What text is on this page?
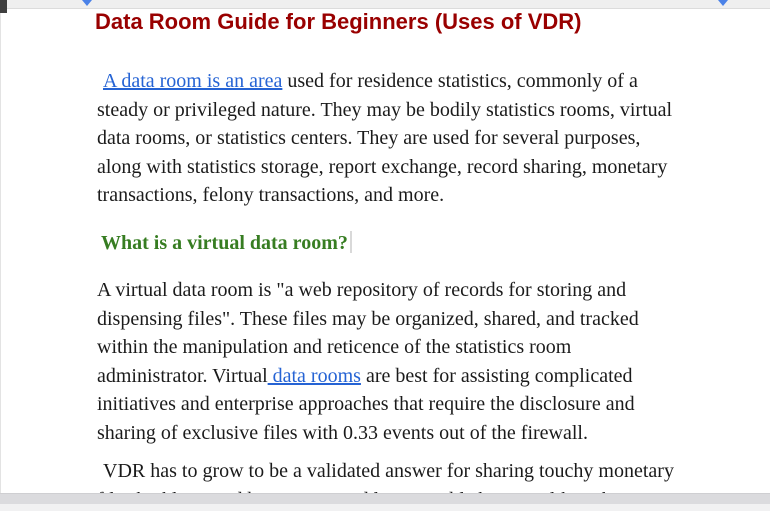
Data Room Guide for Beginners (Uses of VDR)
A data room is an area used for residence statistics, commonly of a
steady or privileged nature. They may be bodily statistics rooms, virtual
data rooms, or statistics centers. They are used for several purposes,
along with statistics storage, report exchange, record sharing, monetary
transactions, felony transactions, and more.
What is a virtual data room?
A virtual data room is "a web repository of records for storing and
dispensing files". These files may be organized, shared, and tracked
within the manipulation and reticence of the statistics room
administrator. Virtual data rooms are best for assisting complicated
initiatives and enterprise approaches that require the disclosure and
sharing of exclusive files with 0.33 events out of the firewall.
VDR has to grow to be a validated answer for sharing touchy monetary
